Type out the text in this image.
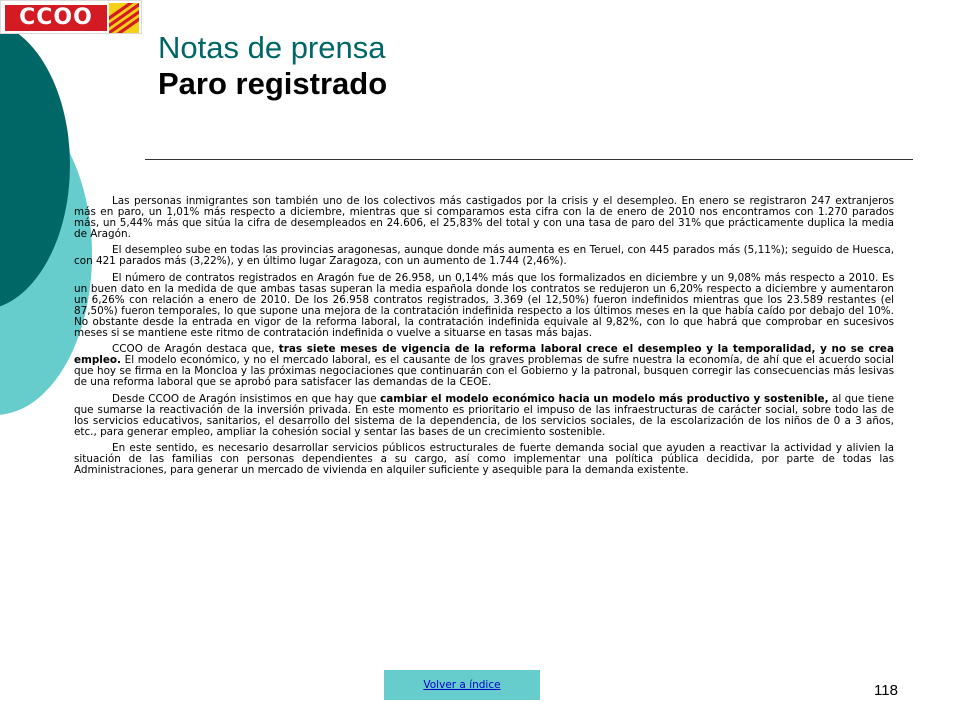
CCOO
Notas de prensa
Paro registrado

Las personas inmigrantes son también uno de los colectivos más castigados por la crisis y el desempleo. En enero se registraron 247 extranjeros más en paro, un 1,01% más respecto a diciembre, mientras que si comparamos esta cifra con la de enero de 2010 nos encontramos con 1.270 parados más, un 5,44% más que sitúa la cifra de desempleados en 24.606, el 25,83% del total y con una tasa de paro del 31% que prácticamente duplica la media de Aragón.

El desempleo sube en todas las provincias aragonesas, aunque donde más aumenta es en Teruel, con 445 parados más (5,11%); seguido de Huesca, con 421 parados más (3,22%), y en último lugar Zaragoza, con un aumento de 1.744 (2,46%).

El número de contratos registrados en Aragón fue de 26.958, un 0,14% más que los formalizados en diciembre y un 9,08% más respecto a 2010. Es un buen dato en la medida de que ambas tasas superan la media española donde los contratos se redujeron un 6,20% respecto a diciembre y aumentaron un 6,26% con relación a enero de 2010. De los 26.958 contratos registrados, 3.369 (el 12,50%) fueron indefinidos mientras que los 23.589 restantes (el 87,50%) fueron temporales, lo que supone una mejora de la contratación indefinida respecto a los últimos meses en la que había caído por debajo del 10%. No obstante desde la entrada en vigor de la reforma laboral, la contratación indefinida equivale al 9,82%, con lo que habrá que comprobar en sucesivos meses si se mantiene este ritmo de contratación indefinida o vuelve a situarse en tasas más bajas.

CCOO de Aragón destaca que, tras siete meses de vigencia de la reforma laboral crece el desempleo y la temporalidad, y no se crea empleo. El modelo económico, y no el mercado laboral, es el causante de los graves problemas de sufre nuestra la economía, de ahí que el acuerdo social que hoy se firma en la Moncloa y las próximas negociaciones que continuarán con el Gobierno y la patronal, busquen corregir las consecuencias más lesivas de una reforma laboral que se aprobó para satisfacer las demandas de la CEOE.

Desde CCOO de Aragón insistimos en que hay que cambiar el modelo económico hacia un modelo más productivo y sostenible, al que tiene que sumarse la reactivación de la inversión privada. En este momento es prioritario el impuso de las infraestructuras de carácter social, sobre todo las de los servicios educativos, sanitarios, el desarrollo del sistema de la dependencia, de los servicios sociales, de la escolarización de los niños de 0 a 3 años, etc., para generar empleo, ampliar la cohesión social y sentar las bases de un crecimiento sostenible.

En este sentido, es necesario desarrollar servicios públicos estructurales de fuerte demanda social que ayuden a reactivar la actividad y alivien la situación de las familias con personas dependientes a su cargo, así como implementar una política pública decidida, por parte de todas las Administraciones, para generar un mercado de vivienda en alquiler suficiente y asequible para la demanda existente.

Volver a índice	118
